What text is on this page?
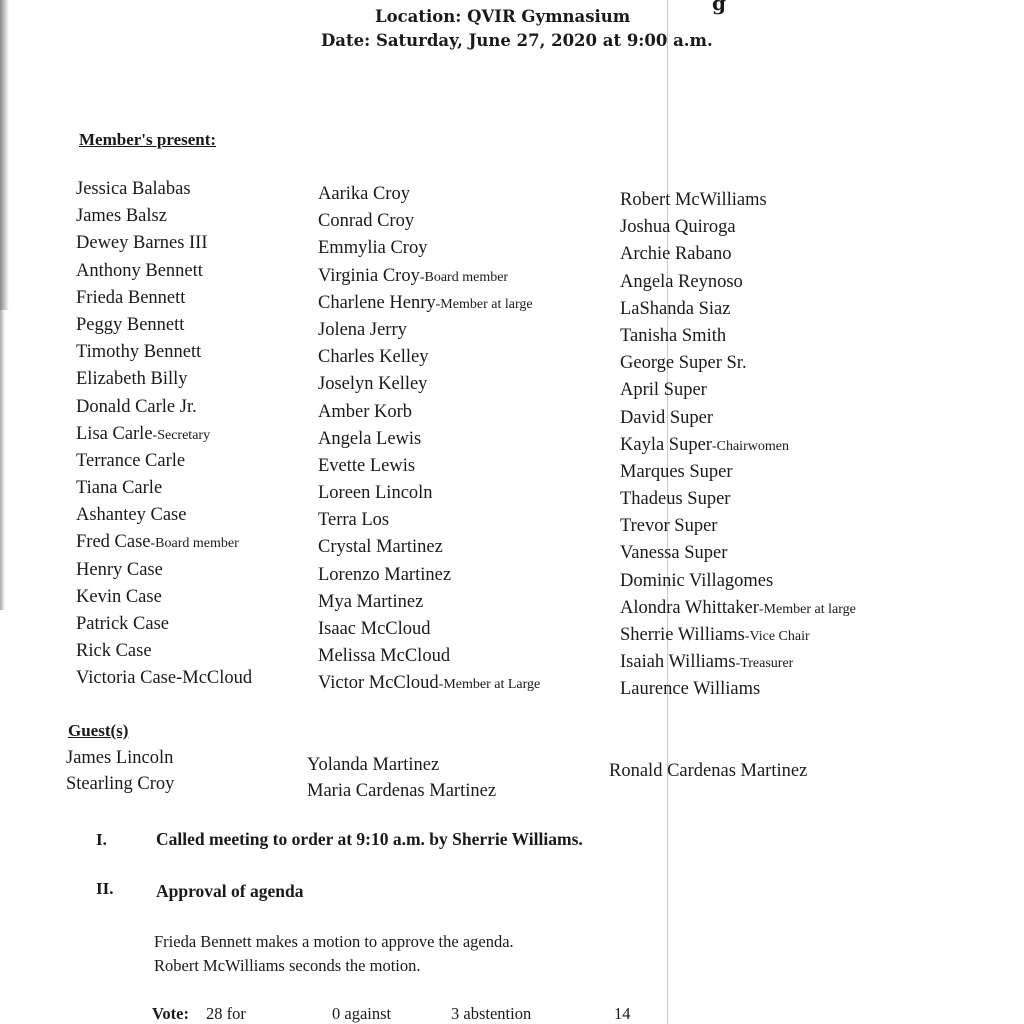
g
Location: QVIR Gymnasium
Date: Saturday, June 27, 2020 at 9:00 a.m.
Member's present:
Jessica Balabas
James Balsz
Dewey Barnes III
Anthony Bennett
Frieda Bennett
Peggy Bennett
Timothy Bennett
Elizabeth Billy
Donald Carle Jr.
Lisa Carle-Secretary
Terrance Carle
Tiana Carle
Ashantey Case
Fred Case-Board member
Henry Case
Kevin Case
Patrick Case
Rick Case
Victoria Case-McCloud
Aarika Croy
Conrad Croy
Emmylia Croy
Virginia Croy-Board member
Charlene Henry-Member at large
Jolena Jerry
Charles Kelley
Joselyn Kelley
Amber Korb
Angela Lewis
Evette Lewis
Loreen Lincoln
Terra Los
Crystal Martinez
Lorenzo Martinez
Mya Martinez
Isaac McCloud
Melissa McCloud
Victor McCloud-Member at Large
Robert McWilliams
Joshua Quiroga
Archie Rabano
Angela Reynoso
LaShanda Siaz
Tanisha Smith
George Super Sr.
April Super
David Super
Kayla Super-Chairwomen
Marques Super
Thadeus Super
Trevor Super
Vanessa Super
Dominic Villagomes
Alondra Whittaker-Member at large
Sherrie Williams-Vice Chair
Isaiah Williams-Treasurer
Laurence Williams
Guest(s)
James Lincoln
Stearling Croy
Yolanda Martinez
Maria Cardenas Martinez
Ronald Cardenas Martinez
I.	Called meeting to order at 9:10 a.m. by Sherrie Williams.
II. Approval of agenda
Frieda Bennett makes a motion to approve the agenda.
Robert McWilliams seconds the motion.
Vote: 28 for	0 against	3 abstention	14
